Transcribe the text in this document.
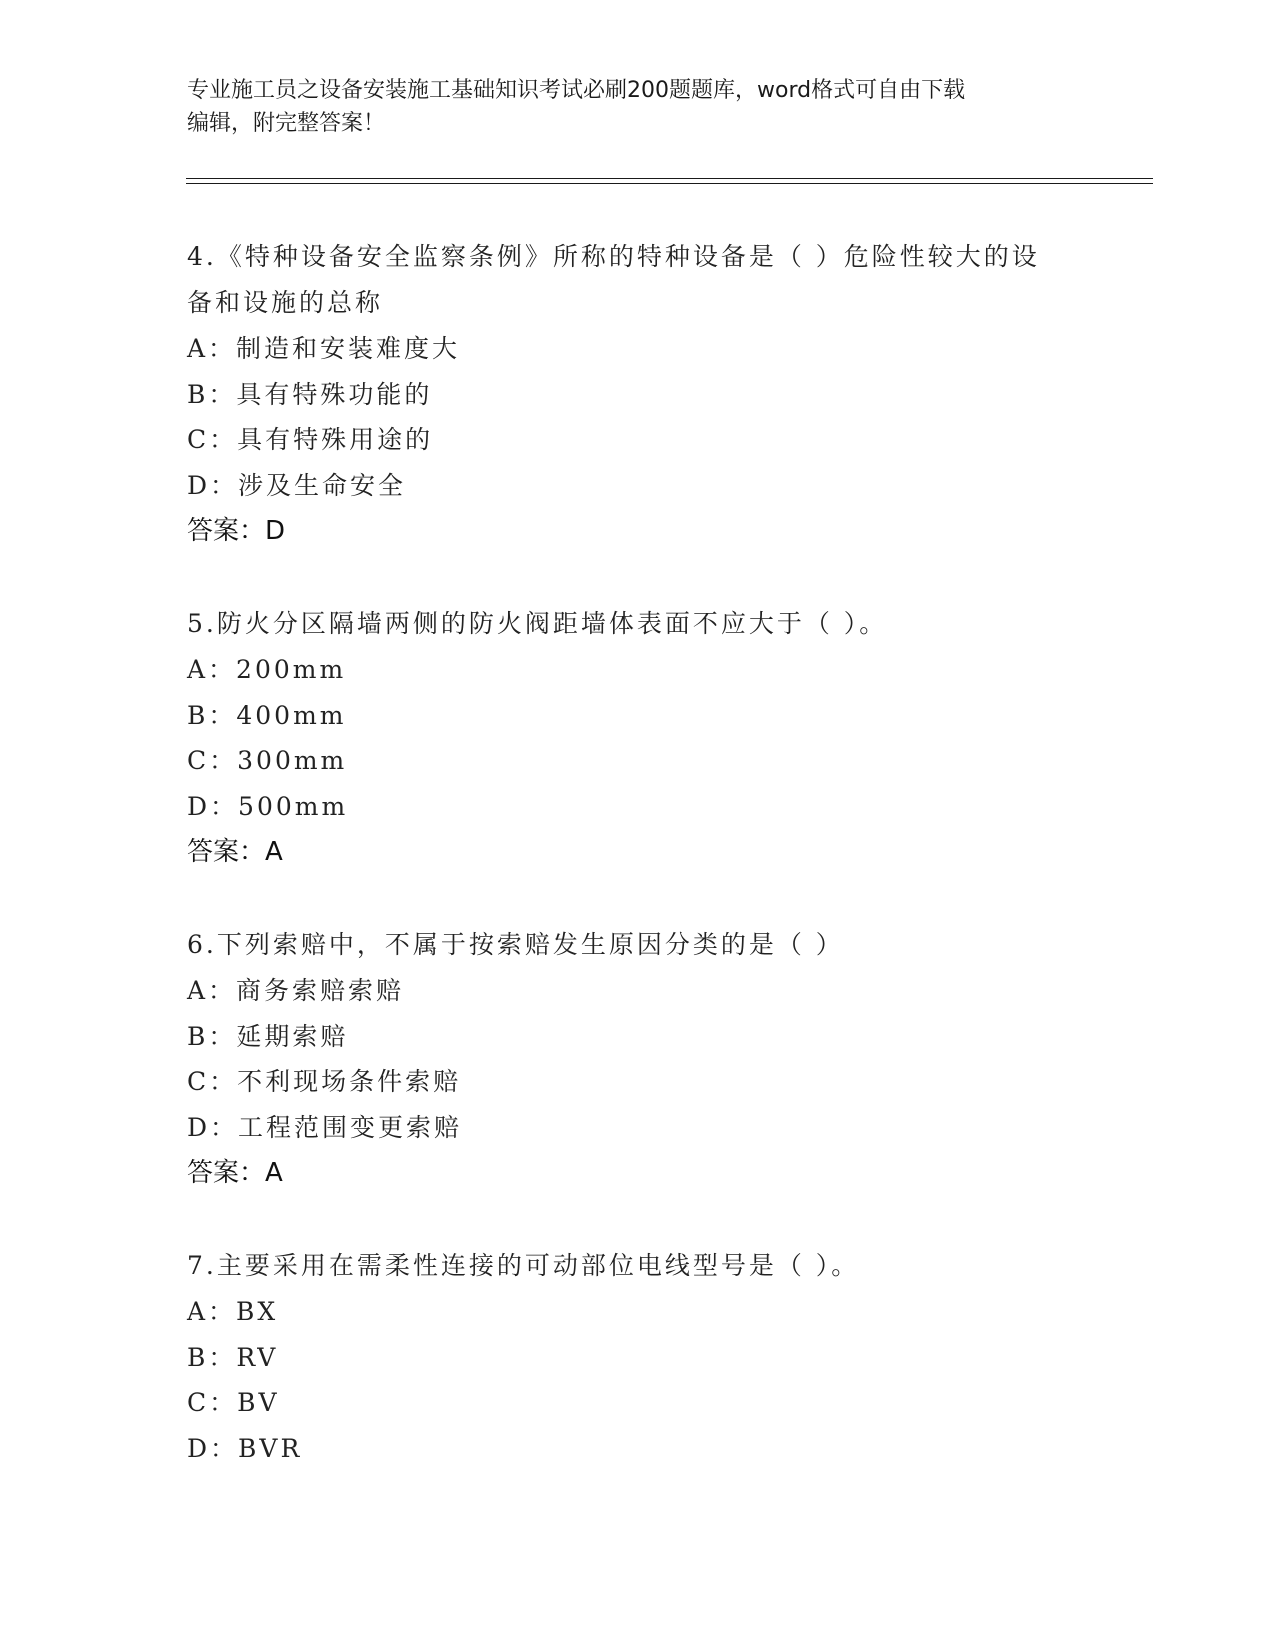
专业施工员之设备安装施工基础知识考试必刷200题题库，word格式可自由下载
编辑，附完整答案！

4.《特种设备安全监察条例》所称的特种设备是（ ）危险性较大的设

备和设施的总称

A：制造和安装难度大

B：具有特殊功能的

C：具有特殊用途的

D：涉及生命安全

答案：D

5.防火分区隔墙两侧的防火阀距墙体表面不应大于（ ）。

A：200mm

B：400mm

C：300mm

D：500mm

答案：A

6.下列索赔中，不属于按索赔发生原因分类的是（ ）

A：商务索赔索赔

B：延期索赔

C：不利现场条件索赔

D：工程范围变更索赔

答案：A

7.主要采用在需柔性连接的可动部位电线型号是（ ）。

A：BX

B：RV

C：BV

D：BVR
